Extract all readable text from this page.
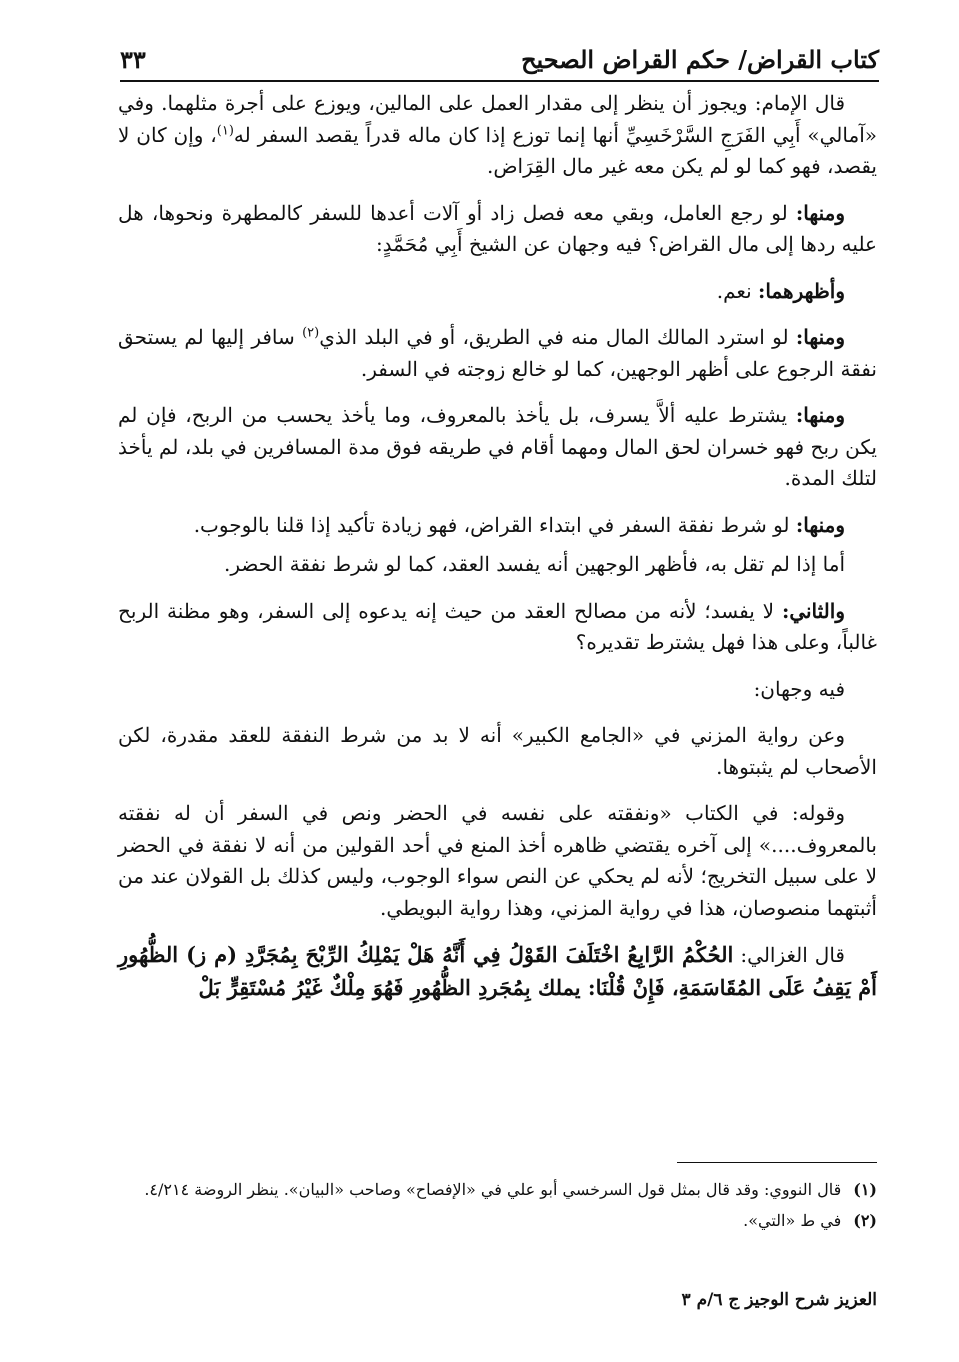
كتاب القراض/ حكم القراض الصحيح
٣٣

قال الإمام: ويجوز أن ينظر إلى مقدار العمل على المالين، ويوزع على أجرة مثلهما. وفي «آمالي» أَبِي الفَرَجِ السَّرْخَسِيِّ أنها إنما توزع إذا كان ماله قدراً يقصد السفر له$^{(١)}$، وإن كان لا يقصد، فهو كما لو لم يكن معه غير مال القِرَاض.

ومنها: لو رجع العامل، وبقي معه فصل زاد أو آلات أعدها للسفر كالمطهرة ونحوها، هل عليه ردها إلى مال القراض؟ فيه وجهان عن الشيخ أَبِي مُحَمَّدٍ:

وأظهرهما: نعم.

ومنها: لو استرد المالك المال منه في الطريق، أو في البلد الذي$^{(٢)}$ سافر إليها لم يستحق نفقة الرجوع على أظهر الوجهين، كما لو خالع زوجته في السفر.

ومنها: يشترط عليه ألاَّ يسرف، بل يأخذ بالمعروف، وما يأخذ يحسب من الربح، فإن لم يكن ربح فهو خسران لحق المال ومهما أقام في طريقه فوق مدة المسافرين في بلد، لم يأخذ لتلك المدة.

ومنها: لو شرط نفقة السفر في ابتداء القراض، فهو زيادة تأكيد إذا قلنا بالوجوب.

أما إذا لم تقل به، فأظهر الوجهين أنه يفسد العقد، كما لو شرط نفقة الحضر.

والثاني: لا يفسد؛ لأنه من مصالح العقد من حيث إنه يدعوه إلى السفر، وهو مظنة الربح غالباً، وعلى هذا فهل يشترط تقديره؟

فيه وجهان:

وعن رواية المزني في «الجامع الكبير» أنه لا بد من شرط النفقة للعقد مقدرة، لكن الأصحاب لم يثبتوها.

وقوله: في الكتاب «ونفقته على نفسه في الحضر ونص في السفر أن له نفقته بالمعروف....» إلى آخره يقتضي ظاهره أخذ المنع في أحد القولين من أنه لا نفقة في الحضر لا على سبيل التخريج؛ لأنه لم يحكي عن النص سواء الوجوب، وليس كذلك بل القولان عند من أثبتهما منصوصان، هذا في رواية المزني، وهذا رواية البويطي.

قال الغزالي: الحُكْمُ الرَّابِعُ اخْتَلَفَ القَوْلُ فِي أَنَّهُ هَلْ يَمْلِكُ الرِّبْحَ بِمُجَرَّدِ (م ز) الظُّهُورِ أَمْ يَقِفُ عَلَى المُقَاسَمَةِ، فَإِنْ قُلْنَا: يملك بِمُجَردِ الظُّهُورِ فَهُوَ مِلْكٌ غَيْرُ مُسْتَقِرٍّ بَلْ

(١)قال النووي: وقد قال بمثل قول السرخسي أبو علي في «الإفصاح» وصاحب «البيان». ينظر الروضة ٤/٢١٤.

(٢)في ط «التي».

العزيز شرح الوجيز ج ٦/م ٣
